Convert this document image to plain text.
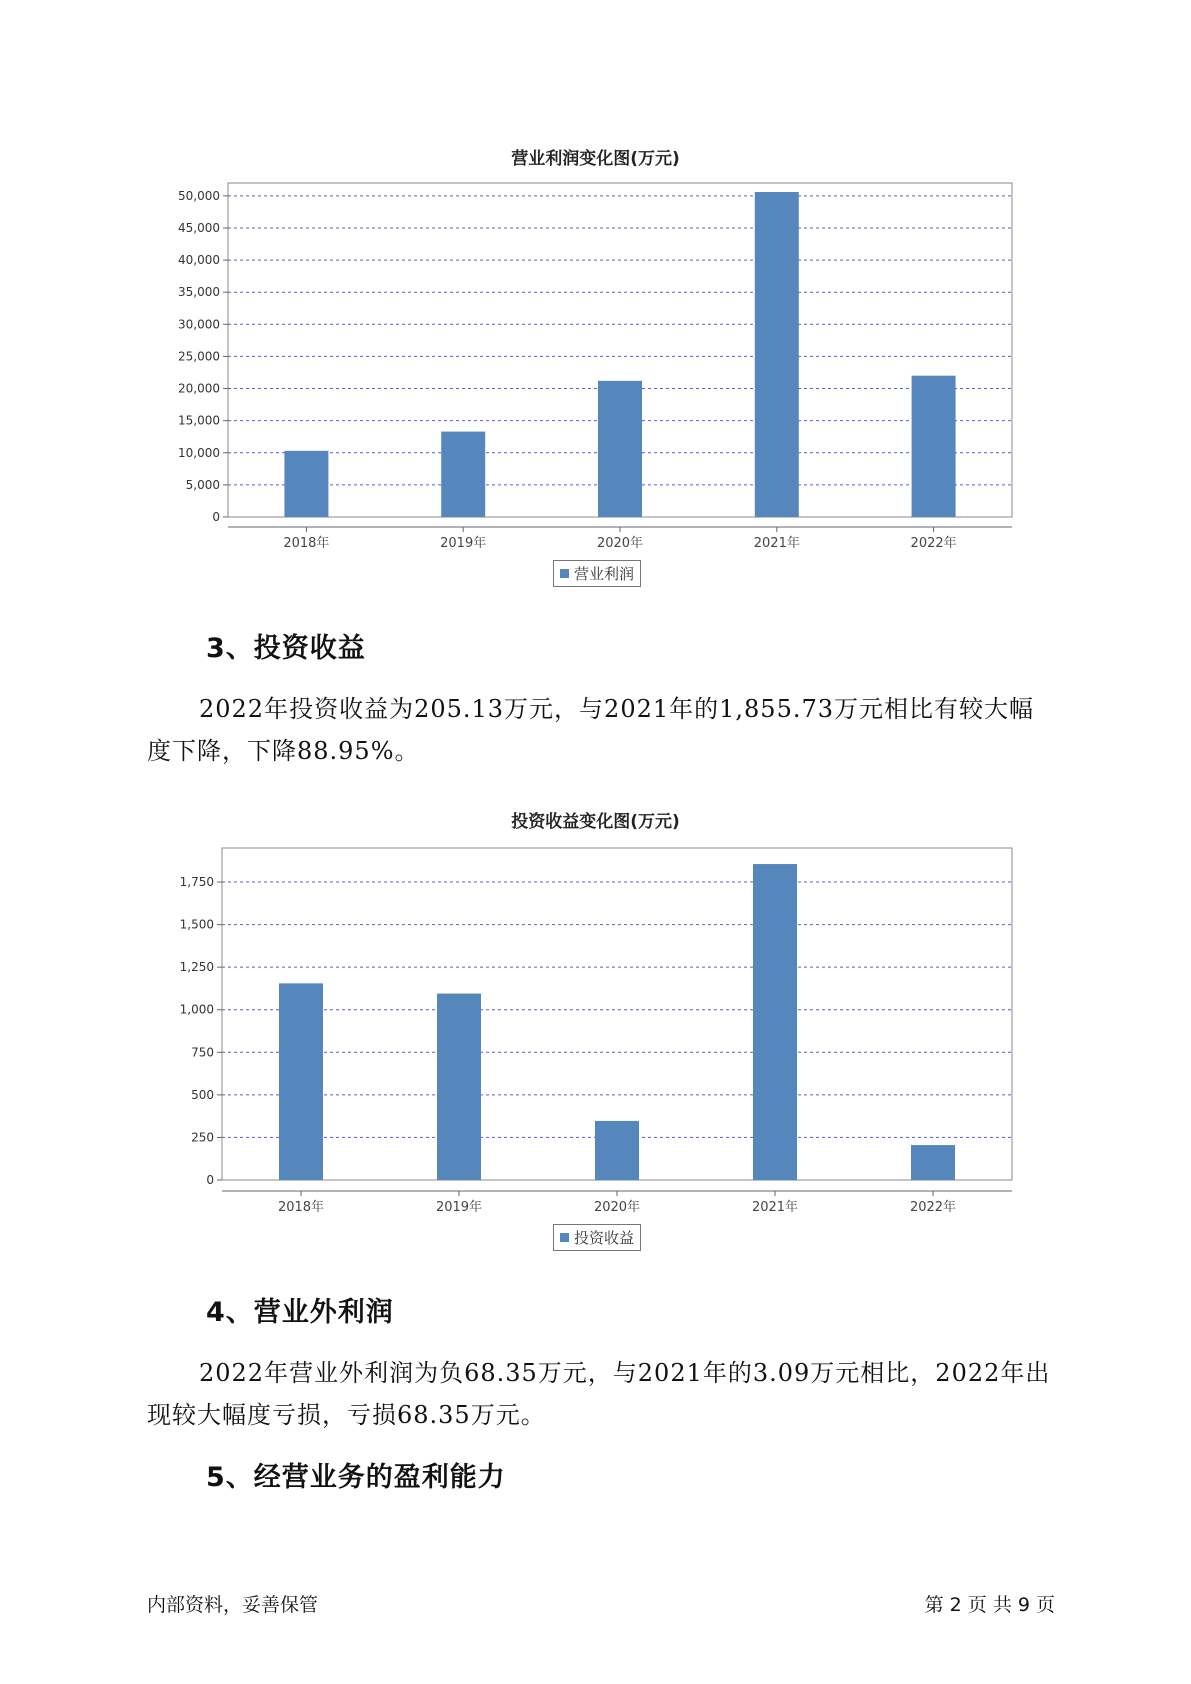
营业利润变化图(万元)
0
5,000
10,000
15,000
20,000
25,000
30,000
35,000
40,000
45,000
50,000
2018年	2019年	2020年	2021年	2022年
营业利润
3、投资收益
2022年投资收益为205.13万元，与2021年的1,855.73万元相比有较大幅度下降，下降88.95%。
投资收益变化图(万元)
0
250
500
750
1,000
1,250
1,500
1,750
2018年	2019年	2020年	2021年	2022年
投资收益
4、营业外利润
2022年营业外利润为负68.35万元，与2021年的3.09万元相比，2022年出现较大幅度亏损，亏损68.35万元。
5、经营业务的盈利能力
内部资料，妥善保管	第 2 页 共 9 页
